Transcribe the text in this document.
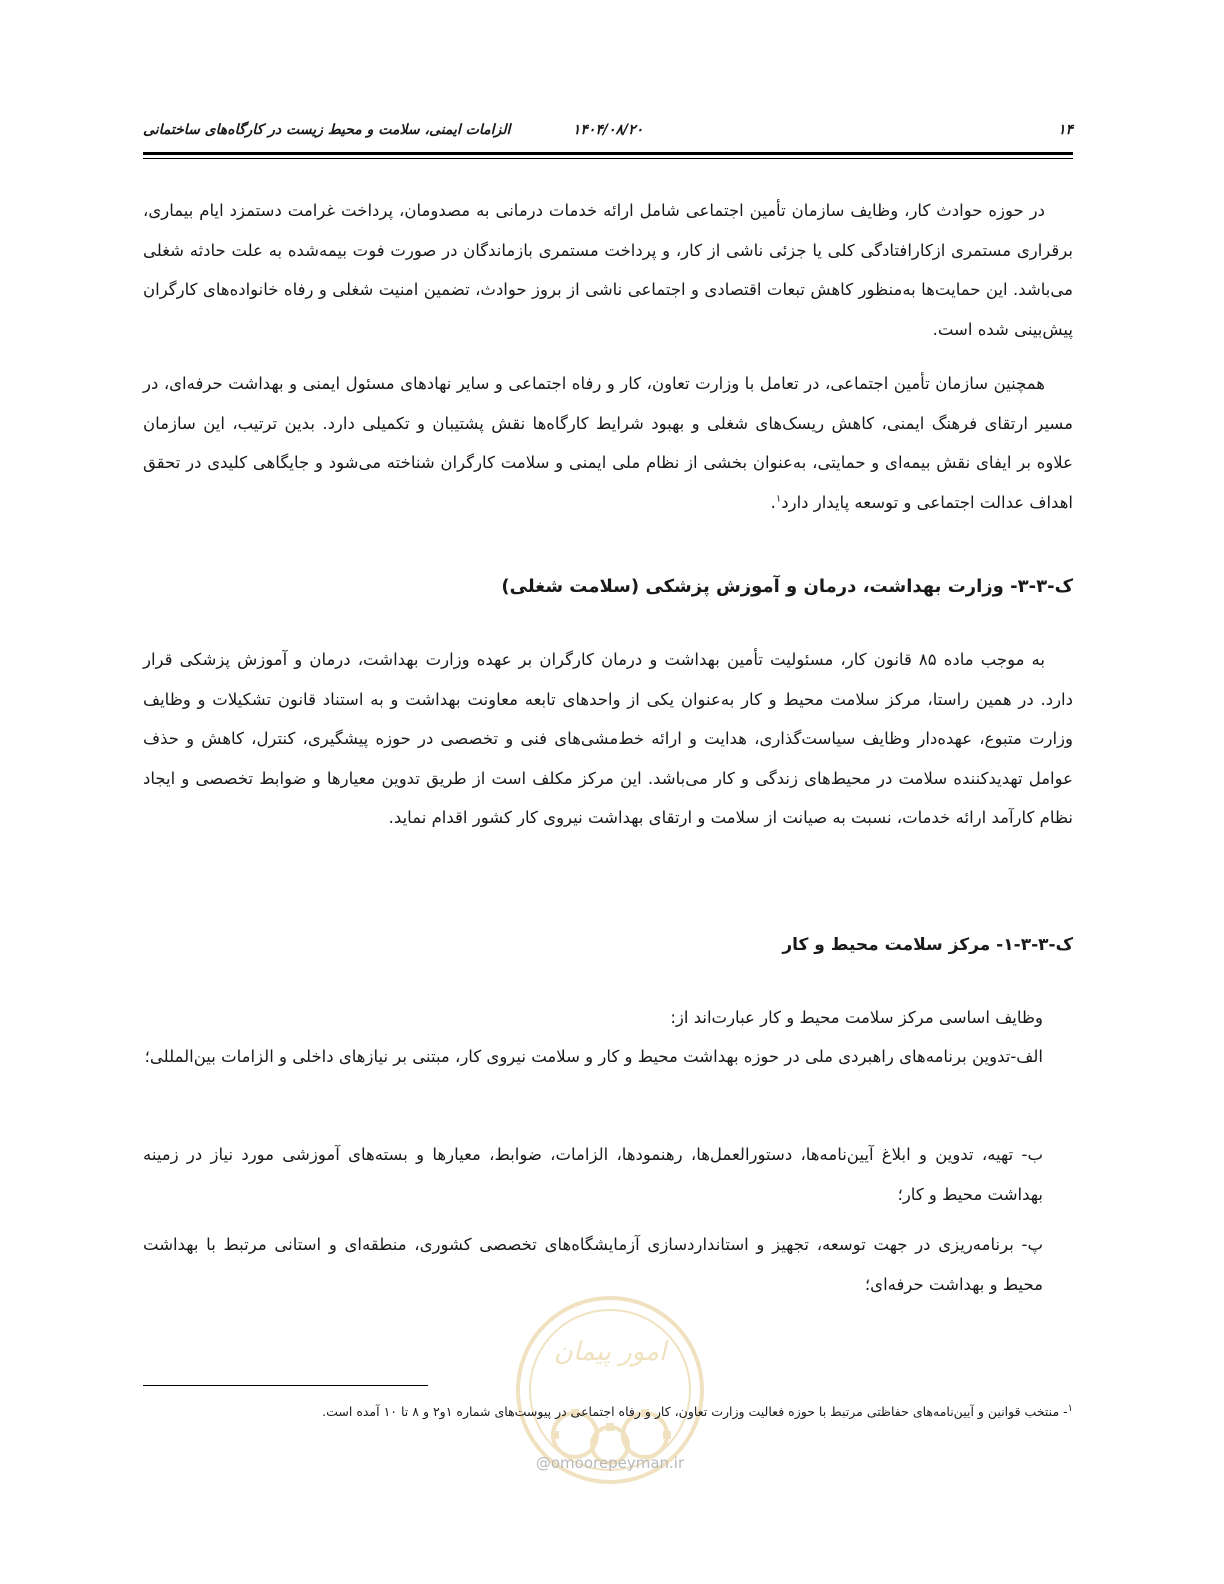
۱۴
۱۴۰۴/۰۸/۲۰
الزامات ایمنی، سلامت و محیط زیست در کارگاه‌های ساختمانی

در حوزه حوادث کار، وظایف سازمان تأمین اجتماعی شامل ارائه خدمات درمانی به مصدومان، پرداخت غرامت دستمزد ایام بیماری، برقراری مستمری ازکارافتادگی کلی یا جزئی ناشی از کار، و پرداخت مستمری بازماندگان در صورت فوت بیمه‌شده به علت حادثه شغلی می‌باشد. این حمایت‌ها به‌منظور کاهش تبعات اقتصادی و اجتماعی ناشی از بروز حوادث، تضمین امنیت شغلی و رفاه خانواده‌های کارگران پیش‌بینی شده است.

همچنین سازمان تأمین اجتماعی، در تعامل با وزارت تعاون، کار و رفاه اجتماعی و سایر نهادهای مسئول ایمنی و بهداشت حرفه‌ای، در مسیر ارتقای فرهنگ ایمنی، کاهش ریسک‌های شغلی و بهبود شرایط کارگاه‌ها نقش پشتیبان و تکمیلی دارد. بدین ترتیب، این سازمان علاوه بر ایفای نقش بیمه‌ای و حمایتی، به‌عنوان بخشی از نظام ملی ایمنی و سلامت کارگران شناخته می‌شود و جایگاهی کلیدی در تحقق اهداف عدالت اجتماعی و توسعه پایدار دارد$^۱$.

ک-۳-۳- وزارت بهداشت، درمان و آموزش پزشکی (سلامت شغلی)

به موجب ماده ۸۵ قانون کار، مسئولیت تأمین بهداشت و درمان کارگران بر عهده وزارت بهداشت، درمان و آموزش پزشکی قرار دارد. در همین راستا، مرکز سلامت محیط و کار به‌عنوان یکی از واحدهای تابعه معاونت بهداشت و به استناد قانون تشکیلات و وظایف وزارت متبوع، عهده‌دار وظایف سیاست‌گذاری، هدایت و ارائه خط‌مشی‌های فنی و تخصصی در حوزه پیشگیری، کنترل، کاهش و حذف عوامل تهدیدکننده سلامت در محیط‌های زندگی و کار می‌باشد. این مرکز مکلف است از طریق تدوین معیارها و ضوابط تخصصی و ایجاد نظام کارآمد ارائه خدمات، نسبت به صیانت از سلامت و ارتقای بهداشت نیروی کار کشور اقدام نماید.

ک-۳-۳-۱- مرکز سلامت محیط و کار

وظایف اساسی مرکز سلامت محیط و کار عبارت‌اند از:

الف-تدوین برنامه‌های راهبردی ملی در حوزه بهداشت محیط و کار و سلامت نیروی کار، مبتنی بر نیازهای داخلی و الزامات بین‌المللی؛

ب- تهیه، تدوین و ابلاغ آیین‌نامه‌ها، دستورالعمل‌ها، رهنمودها، الزامات، ضوابط، معیارها و بسته‌های آموزشی مورد نیاز در زمینه بهداشت محیط و کار؛

پ- برنامه‌ریزی در جهت توسعه، تجهیز و استانداردسازی آزمایشگاه‌های تخصصی کشوری، منطقه‌ای و استانی مرتبط با بهداشت محیط و بهداشت حرفه‌ای؛

امور پیمان

$^۱$- منتخب قوانین و آیین‌نامه‌های حفاظتی مرتبط با حوزه فعالیت وزارت تعاون، کار و رفاه اجتماعی در پیوست‌های شماره ۱و۲ و ۸ تا ۱۰ آمده است.

@omoorepeyman.ir
